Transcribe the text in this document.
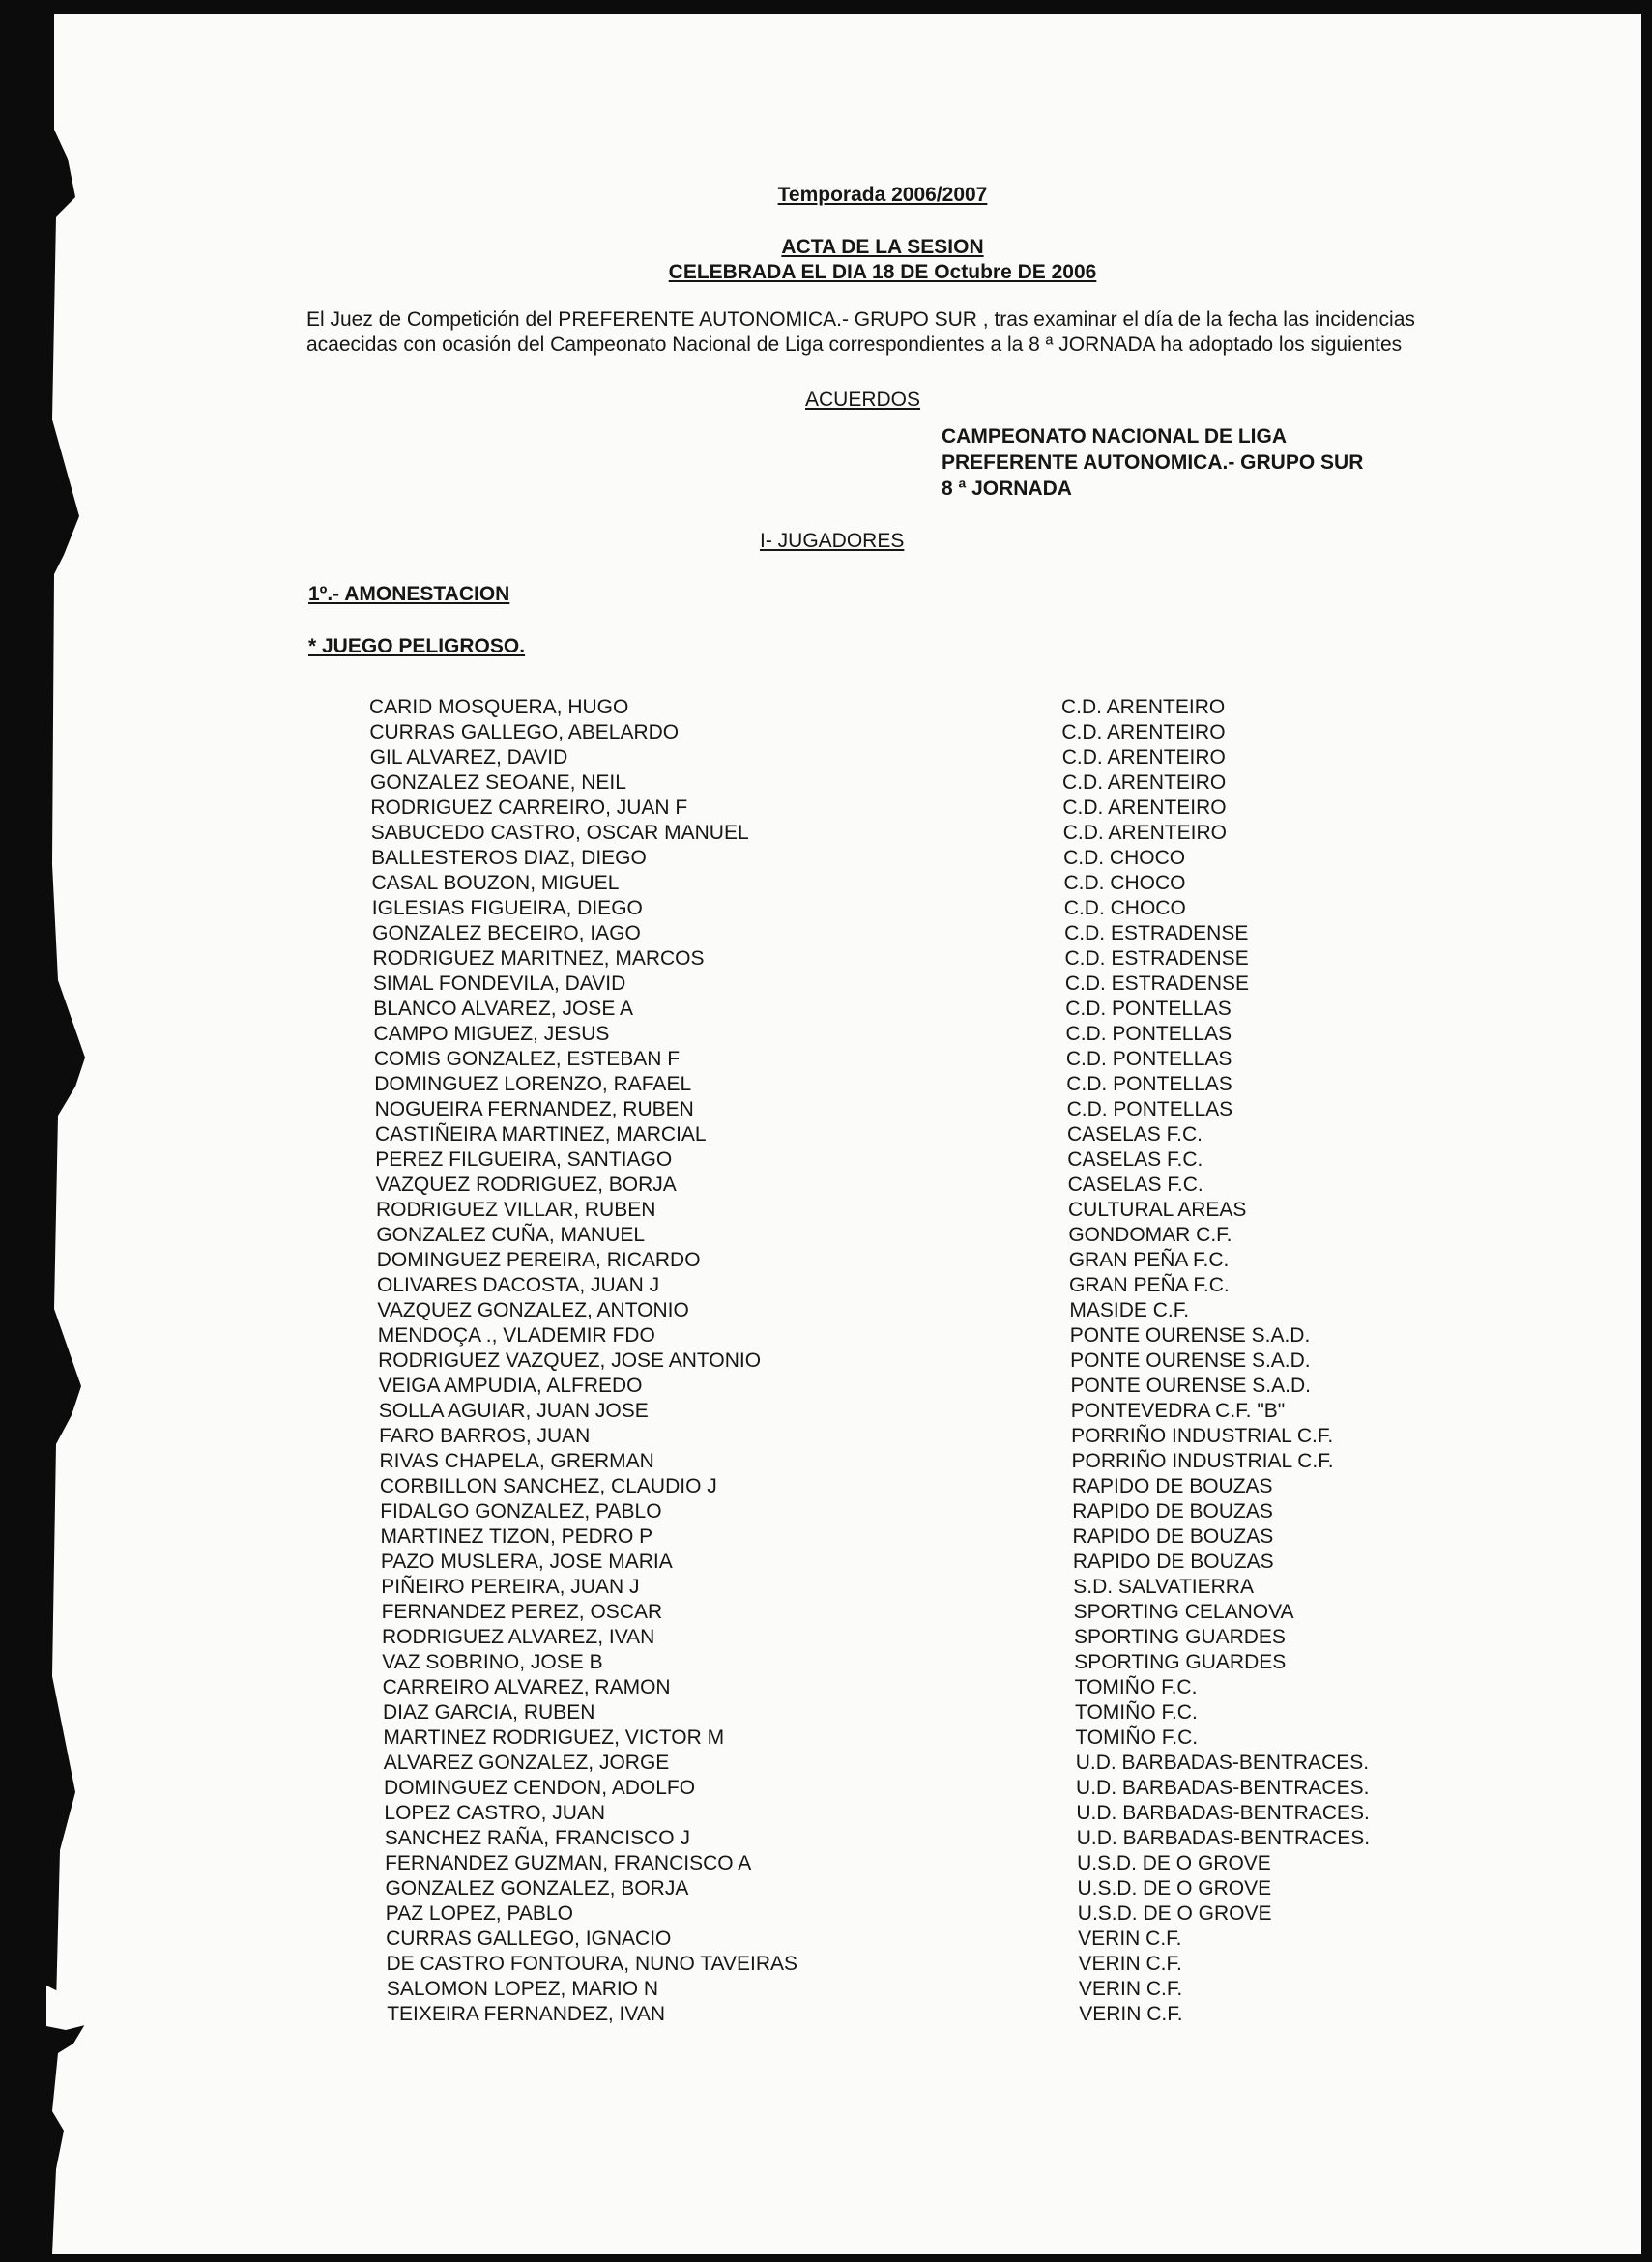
Temporada 2006/2007
ACTA DE LA SESION
CELEBRADA EL DIA 18 DE Octubre DE 2006

El Juez de Competición del PREFERENTE AUTONOMICA.- GRUPO SUR , tras examinar el día de la fecha las incidencias

acaecidas con ocasión del Campeonato Nacional de Liga correspondientes a la 8 ª JORNADA ha adoptado los siguientes

ACUERDOS
CAMPEONATO NACIONAL DE LIGA
PREFERENTE AUTONOMICA.- GRUPO SUR
8 ª JORNADA
I- JUGADORES
1º.- AMONESTACION
* JUEGO PELIGROSO.
CARID MOSQUERA, HUGO	C.D. ARENTEIRO
CURRAS GALLEGO, ABELARDO	C.D. ARENTEIRO
GIL ALVAREZ, DAVID	C.D. ARENTEIRO
GONZALEZ SEOANE, NEIL	C.D. ARENTEIRO
RODRIGUEZ CARREIRO, JUAN F	C.D. ARENTEIRO
SABUCEDO CASTRO, OSCAR MANUEL	C.D. ARENTEIRO
BALLESTEROS DIAZ, DIEGO	C.D. CHOCO
CASAL BOUZON, MIGUEL	C.D. CHOCO
IGLESIAS FIGUEIRA, DIEGO	C.D. CHOCO
GONZALEZ BECEIRO, IAGO	C.D. ESTRADENSE
RODRIGUEZ MARITNEZ, MARCOS	C.D. ESTRADENSE
SIMAL FONDEVILA, DAVID	C.D. ESTRADENSE
BLANCO ALVAREZ, JOSE A	C.D. PONTELLAS
CAMPO MIGUEZ, JESUS	C.D. PONTELLAS
COMIS GONZALEZ, ESTEBAN F	C.D. PONTELLAS
DOMINGUEZ LORENZO, RAFAEL	C.D. PONTELLAS
NOGUEIRA FERNANDEZ, RUBEN	C.D. PONTELLAS
CASTIÑEIRA MARTINEZ, MARCIAL	CASELAS F.C.
PEREZ FILGUEIRA, SANTIAGO	CASELAS F.C.
VAZQUEZ RODRIGUEZ, BORJA	CASELAS F.C.
RODRIGUEZ VILLAR, RUBEN	CULTURAL AREAS
GONZALEZ CUÑA, MANUEL	GONDOMAR C.F.
DOMINGUEZ PEREIRA, RICARDO	GRAN PEÑA F.C.
OLIVARES DACOSTA, JUAN J	GRAN PEÑA F.C.
VAZQUEZ GONZALEZ, ANTONIO	MASIDE C.F.
MENDOÇA ., VLADEMIR FDO	PONTE OURENSE S.A.D.
RODRIGUEZ VAZQUEZ, JOSE ANTONIO	PONTE OURENSE S.A.D.
VEIGA AMPUDIA, ALFREDO	PONTE OURENSE S.A.D.
SOLLA AGUIAR, JUAN JOSE	PONTEVEDRA C.F. "B"
FARO BARROS, JUAN	PORRIÑO INDUSTRIAL C.F.
RIVAS CHAPELA, GRERMAN	PORRIÑO INDUSTRIAL C.F.
CORBILLON SANCHEZ, CLAUDIO J	RAPIDO DE BOUZAS
FIDALGO GONZALEZ, PABLO	RAPIDO DE BOUZAS
MARTINEZ TIZON, PEDRO P	RAPIDO DE BOUZAS
PAZO MUSLERA, JOSE MARIA	RAPIDO DE BOUZAS
PIÑEIRO PEREIRA, JUAN J	S.D. SALVATIERRA
FERNANDEZ PEREZ, OSCAR	SPORTING CELANOVA
RODRIGUEZ ALVAREZ, IVAN	SPORTING GUARDES
VAZ SOBRINO, JOSE B	SPORTING GUARDES
CARREIRO ALVAREZ, RAMON	TOMIÑO F.C.
DIAZ GARCIA, RUBEN	TOMIÑO F.C.
MARTINEZ RODRIGUEZ, VICTOR M	TOMIÑO F.C.
ALVAREZ GONZALEZ, JORGE	U.D. BARBADAS-BENTRACES.
DOMINGUEZ CENDON, ADOLFO	U.D. BARBADAS-BENTRACES.
LOPEZ CASTRO, JUAN	U.D. BARBADAS-BENTRACES.
SANCHEZ RAÑA, FRANCISCO J	U.D. BARBADAS-BENTRACES.
FERNANDEZ GUZMAN, FRANCISCO A	U.S.D. DE O GROVE
GONZALEZ GONZALEZ, BORJA	U.S.D. DE O GROVE
PAZ LOPEZ, PABLO	U.S.D. DE O GROVE
CURRAS GALLEGO, IGNACIO	VERIN C.F.
DE CASTRO FONTOURA, NUNO TAVEIRAS	VERIN C.F.
SALOMON LOPEZ, MARIO N	VERIN C.F.
TEIXEIRA FERNANDEZ, IVAN	VERIN C.F.
